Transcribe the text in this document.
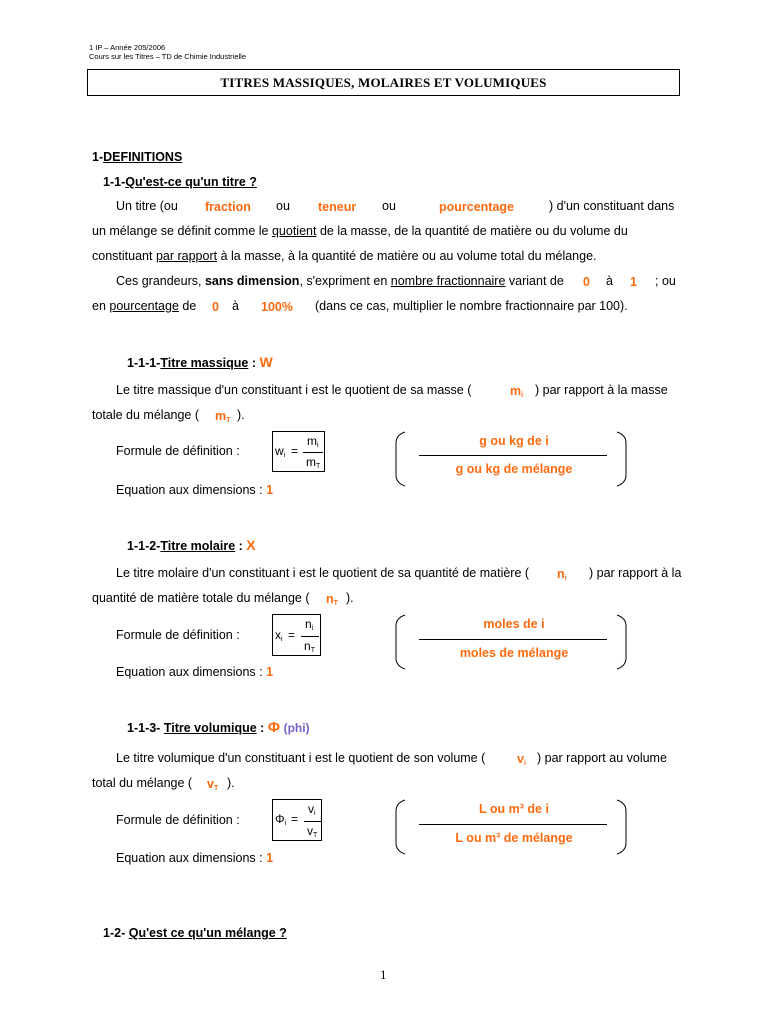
1 IP – Année 205/2006
Cours sur les Titres – TD de Chimie Industrielle
TITRES MASSIQUES, MOLAIRES ET VOLUMIQUES
1-DEFINITIONS
1-1-Qu'est-ce qu'un titre ?
Un titre (ou fraction ou teneur ou	pourcentage	) d'un constituant dans
un mélange se définit comme le quotient de la masse, de la quantité de matière ou du volume du
constituant par rapport à la masse, à la quantité de matière ou au volume total du mélange.
Ces grandeurs, sans dimension, s'expriment en nombre fractionnaire variant de 0 à 1 ; ou
en pourcentage de 0 à 100% (dans ce cas, multiplier le nombre fractionnaire par 100).
1-1-1-Titre massique : W
Le titre massique d'un constituant i est le quotient de sa masse (	$m_i$ ) par rapport à la masse
totale du mélange ( $m_T$ ).
Formule de définition :	$w_i$ =
$m_i$
$m_T$
g ou kg de i
g ou kg de mélange
Equation aux dimensions : 1
1-1-2-Titre molaire : X
Le titre molaire d'un constituant i est le quotient de sa quantité de matière ( $n_i$ ) par rapport à la
quantité de matière totale du mélange ( $n_T$ ).
Formule de définition :	$x_i$ =
$n_i$
$n_T$
moles de i
moles de mélange
Equation aux dimensions : 1
1-1-3- Titre volumique : Φ (phi)
Le titre volumique d'un constituant i est le quotient de son volume (	$v_i$ ) par rapport au volume
total du mélange ( $v_T$ ).
Formule de définition :	$\Phi_i$ =
$v_i$
$v_T$
L ou m³ de i
L ou m³ de mélange
Equation aux dimensions : 1
1-2- Qu'est ce qu'un mélange ?
1
